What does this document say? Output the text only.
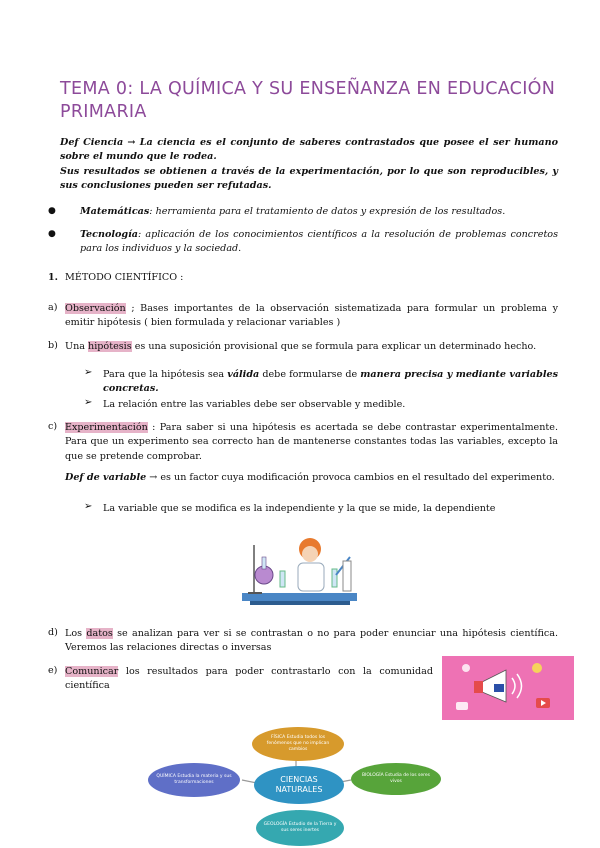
TEMA 0: LA QUÍMICA Y SU ENSEÑANZA EN EDUCACIÓN PRIMARIA
Def Ciencia → La ciencia es el conjunto de saberes contrastados que posee el ser humano sobre el mundo que le rodea.
Sus resultados se obtienen a través de la experimentación, por lo que son reproducibles, y sus conclusiones pueden ser refutadas.
●	Matemáticas: herramienta para el tratamiento de datos y expresión de los resultados.
●	Tecnología: aplicación de los conocimientos científicos a la resolución de problemas concretos para los individuos y la sociedad.
1. MÉTODO CIENTÍFICO :
a) Observación ; Bases importantes de la observación sistematizada para formular un problema y emitir hipótesis ( bien formulada y relacionar variables )
b) Una hipótesis es una suposición provisional que se formula para explicar un determinado hecho.
➢ Para que la hipótesis sea válida debe formularse de manera precisa y mediante variables concretas.
➢ La relación entre las variables debe ser observable y medible.
c) Experimentación : Para saber si una hipótesis es acertada se debe contrastar experimentalmente. Para que un experimento sea correcto han de mantenerse constantes todas las variables, excepto la que se pretende comprobar.
Def de variable → es un factor cuya modificación provoca cambios en el resultado del experimento.
➢ La variable que se modifica es la independiente y la que se mide, la dependiente
d) Los datos se analizan para ver si se contrastan o no para poder enunciar una hipótesis científica. Veremos las relaciones directas o inversas
e) Comunicar los resultados para poder contrastarlo con la comunidad científica
FÍSICA Estudia todos los fenómenos que no implican cambios
QUÍMICA Estudia la materia y sus transformaciones	CIENCIAS NATURALES
BIOLOGÍA Estudia de los seres vivos
GEOLOGÍA Estudio de la Tierra y sus seres inertes
